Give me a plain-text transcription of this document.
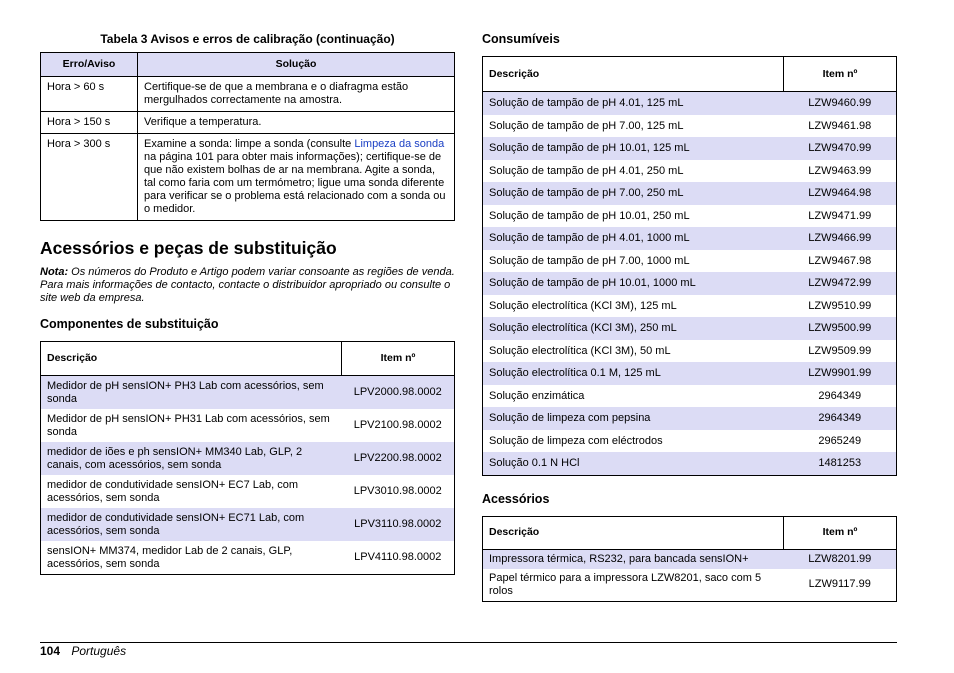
Tabela 3 Avisos e erros de calibração (continuação)

Erro/Aviso	Solução
Hora > 60 s	Certifique-se de que a membrana e o diafragma estão mergulhados correctamente na amostra.

Hora > 150 s	Verifique a temperatura.

Hora > 300 s	Examine a sonda: limpe a sonda (consulte Limpeza da sonda na página 101 para obter mais informações); certifique-se de que não existem bolhas de ar na membrana. Agite a sonda, tal como faria com um termómetro; ligue uma sonda diferente para verificar se o problema está relacionado com a sonda ou o medidor.

Acessórios e peças de substituição

Nota: Os números do Produto e Artigo podem variar consoante as regiões de venda. Para mais informações de contacto, contacte o distribuidor apropriado ou consulte o site web da empresa.

Componentes de substituição
Descrição	Item nº
Medidor de pH sensION+ PH3 Lab com acessórios, sem sonda	LPV2000.98.0002
Medidor de pH sensION+ PH31 Lab com acessórios, sem sonda	LPV2100.98.0002
medidor de iões e ph sensION+ MM340 Lab, GLP, 2 canais, com acessórios, sem sonda	LPV2200.98.0002
medidor de condutividade sensION+ EC7 Lab, com acessórios, sem sonda	LPV3010.98.0002
medidor de condutividade sensION+ EC71 Lab, com acessórios, sem sonda	LPV3110.98.0002
sensION+ MM374, medidor Lab de 2 canais, GLP, acessórios, sem sonda	LPV4110.98.0002
Consumíveis
Descrição	Item nº
Solução de tampão de pH 4.01, 125 mL	LZW9460.99
Solução de tampão de pH 7.00, 125 mL	LZW9461.98
Solução de tampão de pH 10.01, 125 mL	LZW9470.99
Solução de tampão de pH 4.01, 250 mL	LZW9463.99
Solução de tampão de pH 7.00, 250 mL	LZW9464.98
Solução de tampão de pH 10.01, 250 mL	LZW9471.99
Solução de tampão de pH 4.01, 1000 mL	LZW9466.99
Solução de tampão de pH 7.00, 1000 mL	LZW9467.98
Solução de tampão de pH 10.01, 1000 mL	LZW9472.99
Solução electrolítica (KCl 3M), 125 mL	LZW9510.99
Solução electrolítica (KCl 3M), 250 mL	LZW9500.99
Solução electrolítica (KCl 3M), 50 mL	LZW9509.99
Solução electrolítica 0.1 M, 125 mL	LZW9901.99
Solução enzimática	2964349
Solução de limpeza com pepsina	2964349
Solução de limpeza com eléctrodos	2965249
Solução 0.1 N HCl	1481253
Acessórios
Descrição	Item nº
Impressora térmica, RS232, para bancada sensION+	LZW8201.99
Papel térmico para a impressora LZW8201, saco com 5 rolos	LZW9117.99
104 Português
